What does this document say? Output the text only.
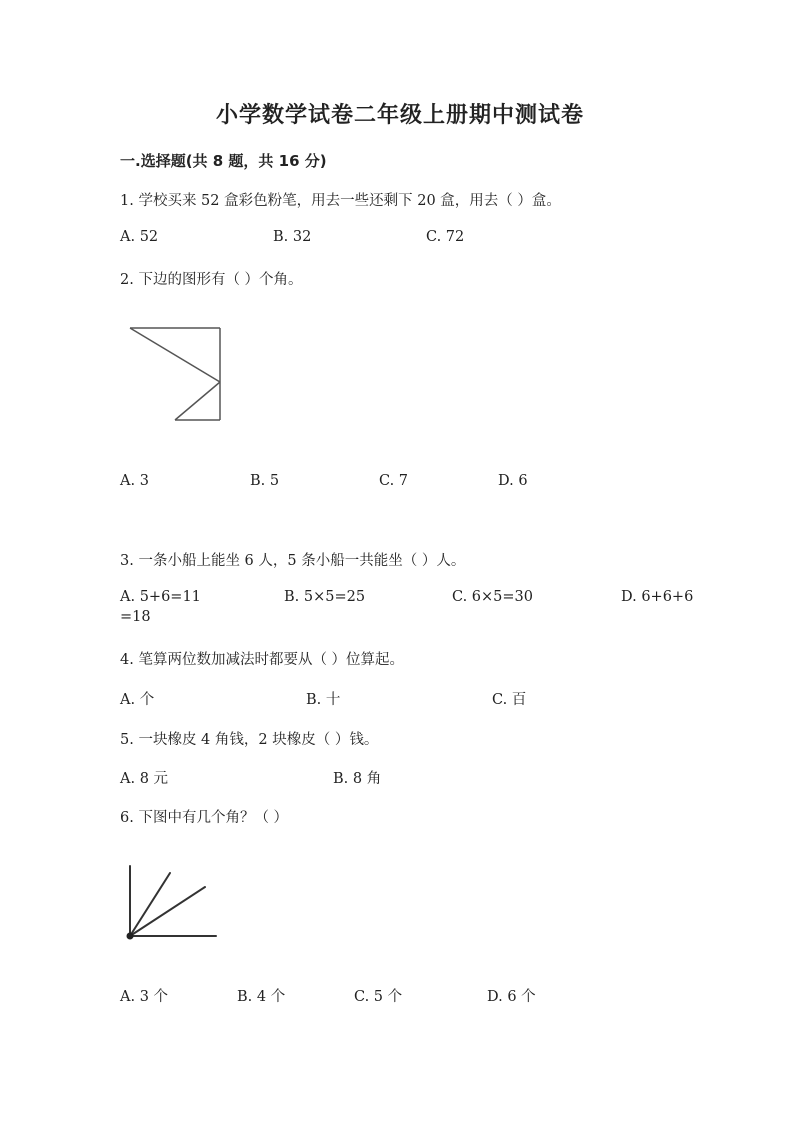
小学数学试卷二年级上册期中测试卷
一.选择题(共 8 题，共 16 分)
1. 学校买来 52 盒彩色粉笔，用去一些还剩下 20 盒，用去（ ）盒。
A. 52	B. 32	C. 72
2. 下边的图形有（ ）个角。
A. 3	B. 5	C. 7	D. 6
3. 一条小船上能坐 6 人，5 条小船一共能坐（ ）人。
A. 5+6=11	B. 5×5=25	C. 6×5=30	D. 6+6+6
=18
4. 笔算两位数加减法时都要从（ ）位算起。
A. 个	B. 十	C. 百
5. 一块橡皮 4 角钱，2 块橡皮（ ）钱。
A. 8 元	B. 8 角
6. 下图中有几个角？（ ）
A. 3 个	B. 4 个	C. 5 个	D. 6 个
